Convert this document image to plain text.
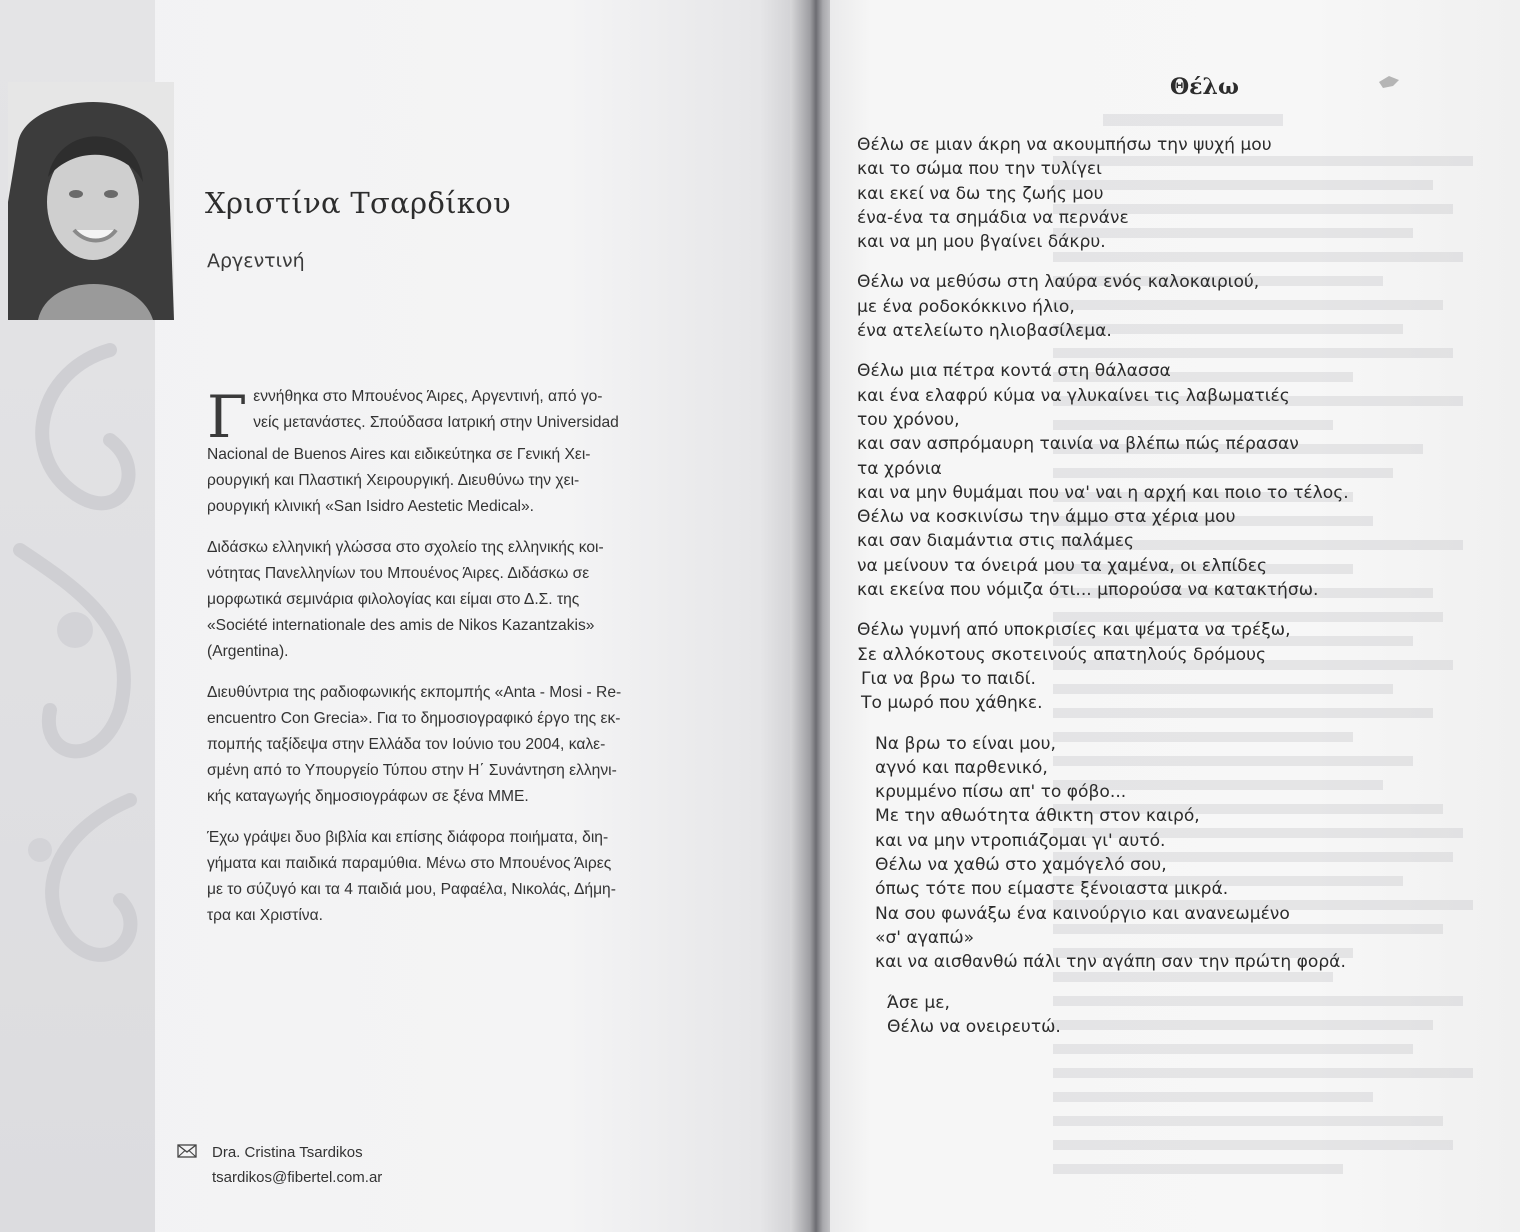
Χριστίνα Τσαρδίκου
Αργεντινή

Γ εννήθηκα στο Μπουένος Άιρες, Αργεντινή, από γο-
νείς μετανάστες. Σπούδασα Ιατρική στην Universidad
Nacional de Buenos Aires και ειδικεύτηκα σε Γενική Χει-
ρουργική και Πλαστική Χειρουργική. Διευθύνω την χει-
ρουργική κλινική «San Isidro Aestetic Medical».

Διδάσκω ελληνική γλώσσα στο σχολείο της ελληνικής κοι-
νότητας Πανελληνίων του Μπουένος Άιρες. Διδάσκω σε
μορφωτικά σεμινάρια φιλολογίας και είμαι στο Δ.Σ. της
«Société internationale des amis de Nikos Kazantzakis»
(Argentina).

Διευθύντρια της ραδιοφωνικής εκπομπής «Anta - Mosi - Re-
encuentro Con Grecia». Για το δημοσιογραφικό έργο της εκ-
πομπής ταξίδεψα στην Ελλάδα τον Ιούνιο του 2004, καλε-
σμένη από το Υπουργείο Τύπου στην Η΄ Συνάντηση ελληνι-
κής καταγωγής δημοσιογράφων σε ξένα ΜΜΕ.

Έχω γράψει δυο βιβλία και επίσης διάφορα ποιήματα, διη-
γήματα και παιδικά παραμύθια. Μένω στο Μπουένος Άιρες
με το σύζυγό και τα 4 παιδιά μου, Ραφαέλα, Νικολάς, Δήμη-
τρα και Χριστίνα.

Dra. Cristina Tsardikos
tsardikos@fibertel.com.ar

Θέλω
Θέλω σε μιαν άκρη να ακουμπήσω την ψυχή μου
και το σώμα που την τυλίγει
και εκεί να δω της ζωής μου
ένα-ένα τα σημάδια να περνάνε
και να μη μου βγαίνει δάκρυ.
Θέλω να μεθύσω στη λαύρα ενός καλοκαιριού,
με ένα ροδοκόκκινο ήλιο,
ένα ατελείωτο ηλιοβασίλεμα.
Θέλω μια πέτρα κοντά στη θάλασσα
και ένα ελαφρύ κύμα να γλυκαίνει τις λαβωματιές
του χρόνου,
και σαν ασπρόμαυρη ταινία να βλέπω πώς πέρασαν
τα χρόνια
και να μην θυμάμαι που να' ναι η αρχή και ποιο το τέλος.
Θέλω να κοσκινίσω την άμμο στα χέρια μου
και σαν διαμάντια στις παλάμες
να μείνουν τα όνειρά μου τα χαμένα, οι ελπίδες
και εκείνα που νόμιζα ότι... μπορούσα να κατακτήσω.
Θέλω γυμνή από υποκρισίες και ψέματα να τρέξω,
Σε αλλόκοτους σκοτεινούς απατηλούς δρόμους
Για να βρω το παιδί.
Το μωρό που χάθηκε.
Να βρω το είναι μου,
αγνό και παρθενικό,
κρυμμένο πίσω απ' το φόβο...
Με την αθωότητα άθικτη στον καιρό,
και να μην ντροπιάζομαι γι' αυτό.
Θέλω να χαθώ στο χαμόγελό σου,
όπως τότε που είμαστε ξένοιαστα μικρά.
Να σου φωνάξω ένα καινούργιο και ανανεωμένο
«σ' αγαπώ»
και να αισθανθώ πάλι την αγάπη σαν την πρώτη φορά.
Άσε με,
Θέλω να ονειρευτώ.
